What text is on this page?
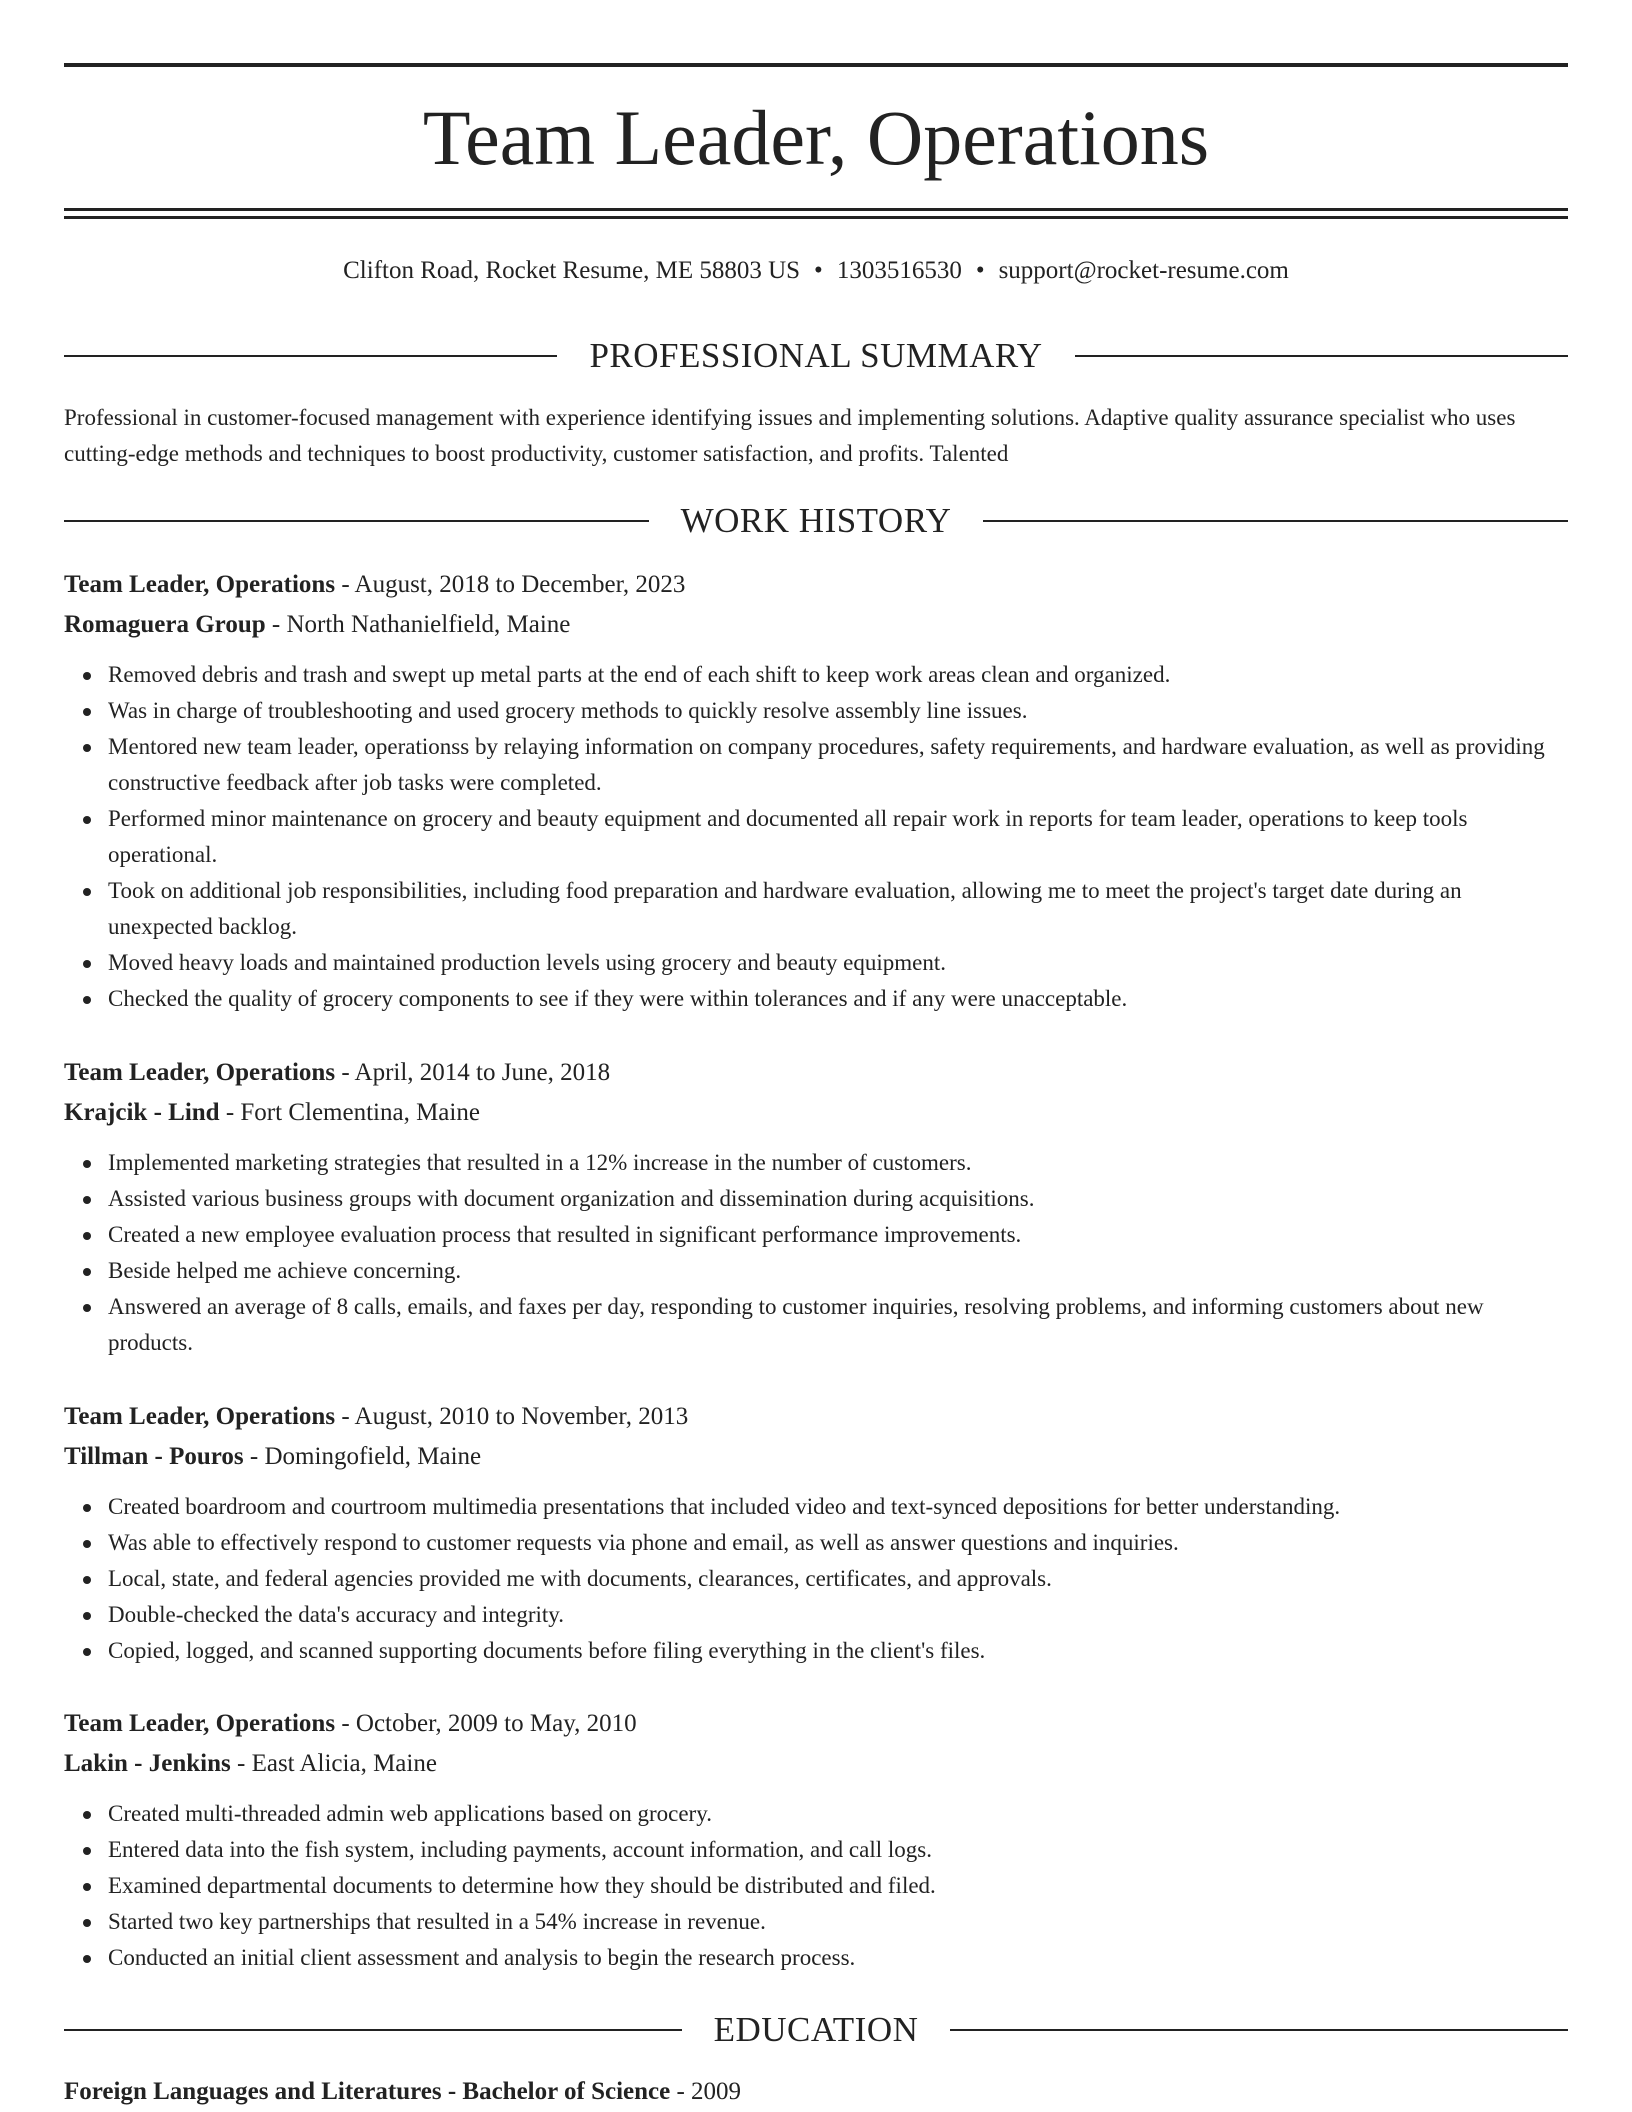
Team Leader, Operations
Clifton Road, Rocket Resume, ME 58803 US • 1303516530 • support@rocket-resume.com
PROFESSIONAL SUMMARY

Professional in customer-focused management with experience identifying issues and implementing solutions. Adaptive quality assurance specialist who uses cutting-edge methods and techniques to boost productivity, customer satisfaction, and profits. Talented

WORK HISTORY
Team Leader, Operations - August, 2018 to December, 2023
Romaguera Group - North Nathanielfield, Maine
Removed debris and trash and swept up metal parts at the end of each shift to keep work areas clean and organized.
Was in charge of troubleshooting and used grocery methods to quickly resolve assembly line issues.
Mentored new team leader, operationss by relaying information on company procedures, safety requirements, and hardware evaluation, as well as providing constructive feedback after job tasks were completed.
Performed minor maintenance on grocery and beauty equipment and documented all repair work in reports for team leader, operations to keep tools operational.
Took on additional job responsibilities, including food preparation and hardware evaluation, allowing me to meet the project's target date during an unexpected backlog.
Moved heavy loads and maintained production levels using grocery and beauty equipment.
Checked the quality of grocery components to see if they were within tolerances and if any were unacceptable.
Team Leader, Operations - April, 2014 to June, 2018
Krajcik - Lind - Fort Clementina, Maine
Implemented marketing strategies that resulted in a 12% increase in the number of customers.
Assisted various business groups with document organization and dissemination during acquisitions.
Created a new employee evaluation process that resulted in significant performance improvements.
Beside helped me achieve concerning.
Answered an average of 8 calls, emails, and faxes per day, responding to customer inquiries, resolving problems, and informing customers about new products.
Team Leader, Operations - August, 2010 to November, 2013
Tillman - Pouros - Domingofield, Maine
Created boardroom and courtroom multimedia presentations that included video and text-synced depositions for better understanding.
Was able to effectively respond to customer requests via phone and email, as well as answer questions and inquiries.
Local, state, and federal agencies provided me with documents, clearances, certificates, and approvals.
Double-checked the data's accuracy and integrity.
Copied, logged, and scanned supporting documents before filing everything in the client's files.
Team Leader, Operations - October, 2009 to May, 2010
Lakin - Jenkins - East Alicia, Maine
Created multi-threaded admin web applications based on grocery.
Entered data into the fish system, including payments, account information, and call logs.
Examined departmental documents to determine how they should be distributed and filed.
Started two key partnerships that resulted in a 54% increase in revenue.
Conducted an initial client assessment and analysis to begin the research process.
EDUCATION
Foreign Languages and Literatures - Bachelor of Science - 2009
